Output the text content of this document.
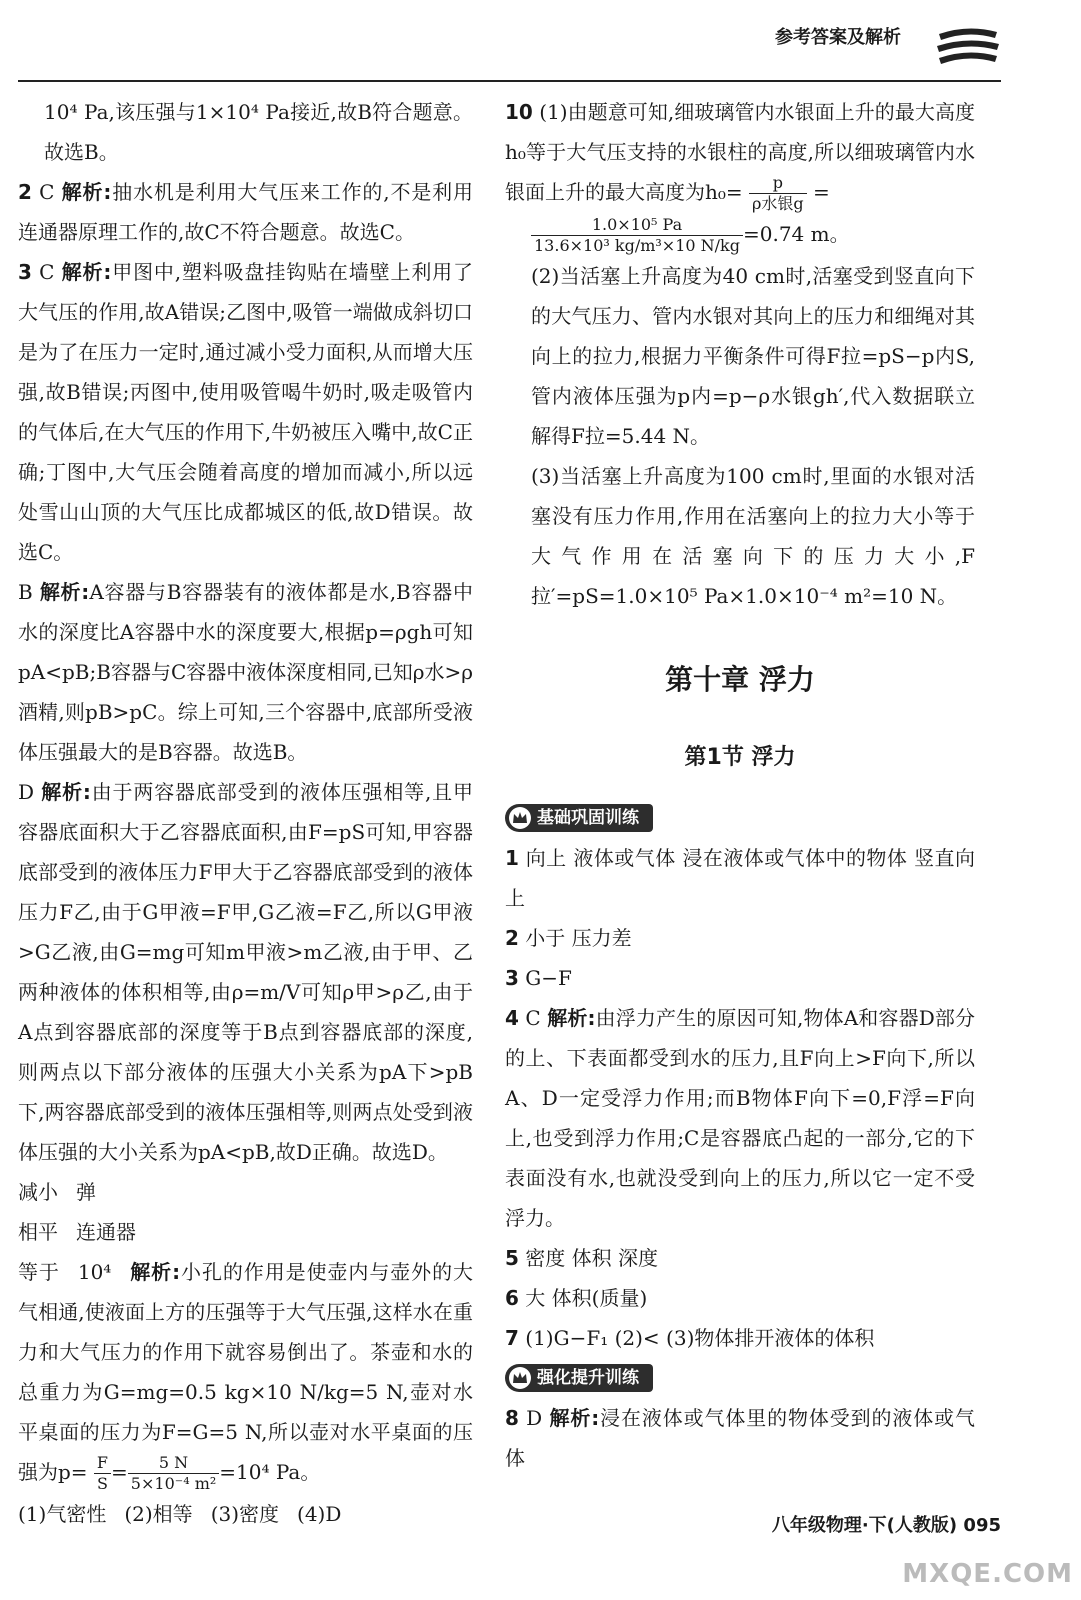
参考答案及解析

10⁴ Pa,该压强与1×10⁴ Pa接近,故B符合题意。故选B。

2 C 解析:抽水机是利用大气压来工作的,不是利用连通器原理工作的,故C不符合题意。故选C。

3 C 解析:甲图中,塑料吸盘挂钩贴在墙壁上利用了大气压的作用,故A错误;乙图中,吸管一端做成斜切口是为了在压力一定时,通过减小受力面积,从而增大压强,故B错误;丙图中,使用吸管喝牛奶时,吸走吸管内的气体后,在大气压的作用下,牛奶被压入嘴中,故C正确;丁图中,大气压会随着高度的增加而减小,所以远处雪山山顶的大气压比成都城区的低,故D错误。故选C。

B 解析:A容器与B容器装有的液体都是水,B容器中水的深度比A容器中水的深度要大,根据p=ρgh可知pA<pB;B容器与C容器中液体深度相同,已知ρ水>ρ酒精,则pB>pC。综上可知,三个容器中,底部所受液体压强最大的是B容器。故选B。

D 解析:由于两容器底部受到的液体压强相等,且甲容器底面积大于乙容器底面积,由F=pS可知,甲容器底部受到的液体压力F甲大于乙容器底部受到的液体压力F乙,由于G甲液=F甲,G乙液=F乙,所以G甲液>G乙液,由G=mg可知m甲液>m乙液,由于甲、乙两种液体的体积相等,由ρ=m/V可知ρ甲>ρ乙,由于A点到容器底部的深度等于B点到容器底部的深度,则两点以下部分液体的压强大小关系为pA下>pB下,两容器底部受到的液体压强相等,则两点处受到液体压强的大小关系为pA<pB,故D正确。故选D。

减小 弹

相平 连通器

等于 10⁴ 解析:小孔的作用是使壶内与壶外的大气相通,使液面上方的压强等于大气压强,这样水在重力和大气压力的作用下就容易倒出了。茶壶和水的总重力为G=mg=0.5 kg×10 N/kg=5 N,壶对水平桌面的压力为F=G=5 N,所以壶对水平桌面的压强为$p= \frac{F}{S} = \frac{5 N}{\text{5×10⁻⁴ m²}} =10^4$ Pa。

(1)气密性 (2)相等 (3)密度 (4)D

10 (1)由题意可知,细玻璃管内水银面上升的最大高度h₀等于大气压支持的水银柱的高度,所以细玻璃管内水银面上升的最大高度为h₀=	p
ρ水银g =

$\frac{\text{1.0×10⁵ Pa}}{\text{13.6×10³ kg/m³×10 N/kg}} =0.74$ m。

(2)当活塞上升高度为40 cm时,活塞受到竖直向下的大气压力、管内水银对其向上的压力和细绳对其向上的拉力,根据力平衡条件可得F拉=pS−p内S,管内液体压强为p内=p−ρ水银gh′,代入数据联立解得F拉=5.44 N。

(3)当活塞上升高度为100 cm时,里面的水银对活塞没有压力作用,作用在活塞向上的拉力大小等于大气作用在活塞向下的压力大小,F拉′=pS=1.0×10⁵ Pa×1.0×10⁻⁴ m²=10 N。

第十章 浮力
第1节 浮力
基础巩固训练

1 向上 液体或气体 浸在液体或气体中的物体 竖直向上

2 小于 压力差

3 G−F

4 C 解析:由浮力产生的原因可知,物体A和容器D部分的上、下表面都受到水的压力,且F向上>F向下,所以A、D一定受浮力作用;而B物体F向下=0,F浮=F向上,也受到浮力作用;C是容器底凸起的一部分,它的下表面没有水,也就没受到向上的压力,所以它一定不受浮力。

5 密度 体积 深度

6 大 体积(质量)

7 (1)G−F₁ (2)< (3)物体排开液体的体积

强化提升训练

8 D 解析:浸在液体或气体里的物体受到的液体或气体

八年级物理·下(人教版) 095
MXQE.COM
